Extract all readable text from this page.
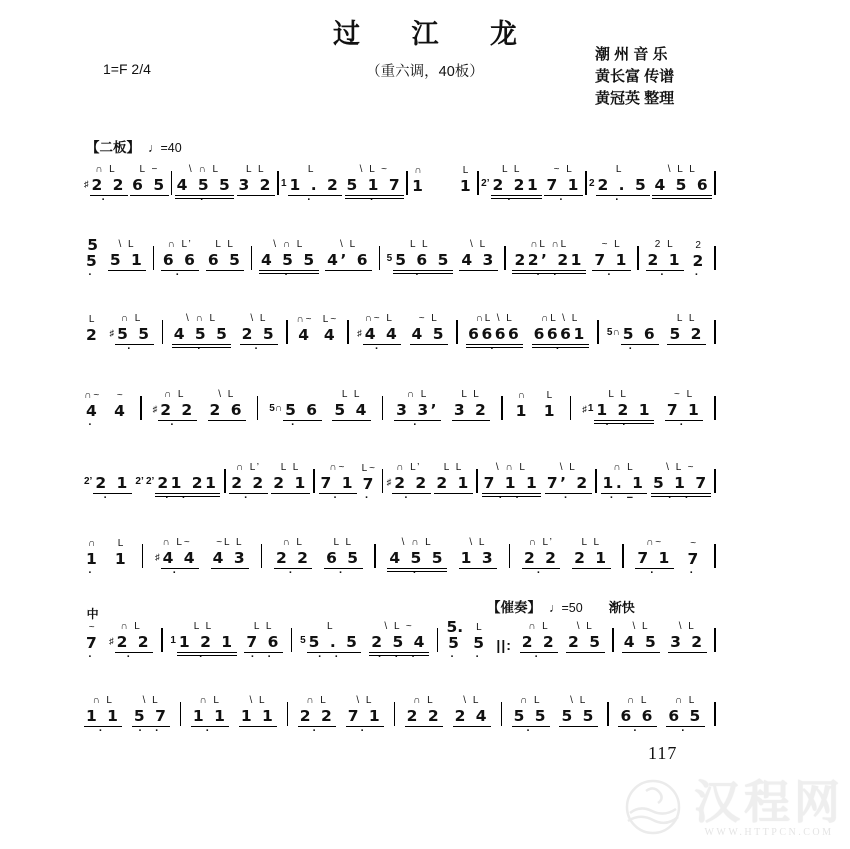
过 江 龙
（重六调，40板）
1=F 2/4
潮 州 音 乐
黄长富 传谱
黄冠英 整理
【二板】 ♩=40
∩ L
♯ 2 2
·
L −
6 5

\ ∩ L
4 5 5
·
L L
3 2

L
1 1 . 2
·
\ L ~
5 1 7
·
∩
1

L
1

L L
2’ 2 21
·
~ L
7 1
·
L
2 2 . 5
·
\ L L
4 5 6

5
5
·
\ L
5 1

∩ L’
6 6
·
L L
6 5

\ ∩ L
4 5 5
·
\ L
4’ 6

L L
5 5 6 5
·
\ L
4 3

∩L ∩L
22’ 21
· ·
~ L
7 1
·
2 L
2 1
·
2
2
·
L
2

∩ L
♯ 5 5
·
\ ∩ L
4 5 5
·
\ L
2 5
·
∩~
4

L~
4

∩~ L
♯ 4 4
·
~ L
4 5

∩L \ L
6666
·
∩L \ L
6661
·
5∩ 5 6
·
L L
5 2

∩~
4
·
~
4

∩ L
♯ 2 2
·
\ L
2 6
	5∩ 5 6
·
L L
5 4

∩ L
3 3’
·
L L
3 2

∩
1

L
1

L L
♯ 1 1 2 1
· ·
~ L
7 1
·
2’ 2 1
·
2’ 2’ 21 21
· ·
∩ L’
2 2
·
L L
2 1

∩~
7 1
·
L~
7
·
∩ L’
♯ 2 2
·
L L
2 1

\ ∩ L
7 1 1
· ·
\ L
7’ 2
·
∩ L
1. 1
· −
\ L ~
5 1 7
· ·
∩
1
·
L
1

∩ L~
♯ 4 4
·
~L L
4 3

∩ L
2 2
·
L L
6 5
·
\ ∩ L
4 5 5
·
\ L
1 3

∩ L’
2 2
·
L L
2 1

∩~
7 1
·
~
7
·
中
~
7
·
∩ L
♯ 2 2
·
L L
1 1 2 1
·
L L
7 6
· ·
L
5 5 . 5
· ·
\ L ~
2 5 4
· · ·
5.
5
·
L
5
·
||:
∩ L
2 2
·
\ L
2 5

\ L
4 5

\ L
3 2

∩ L
1 1
·
\ L
5 7
· ·
∩ L
1 1
·
\ L
1 1

∩ L
2 2
·
\ L
7 1
·
∩ L
2 2

\ L
2 4

∩ L
5 5
·
\ L
5 5

∩ L
6 6
·
∩ L
6 5
·
【催奏】 ♩=50 渐快
117
汉程网
WWW.HTTPCN.COM
